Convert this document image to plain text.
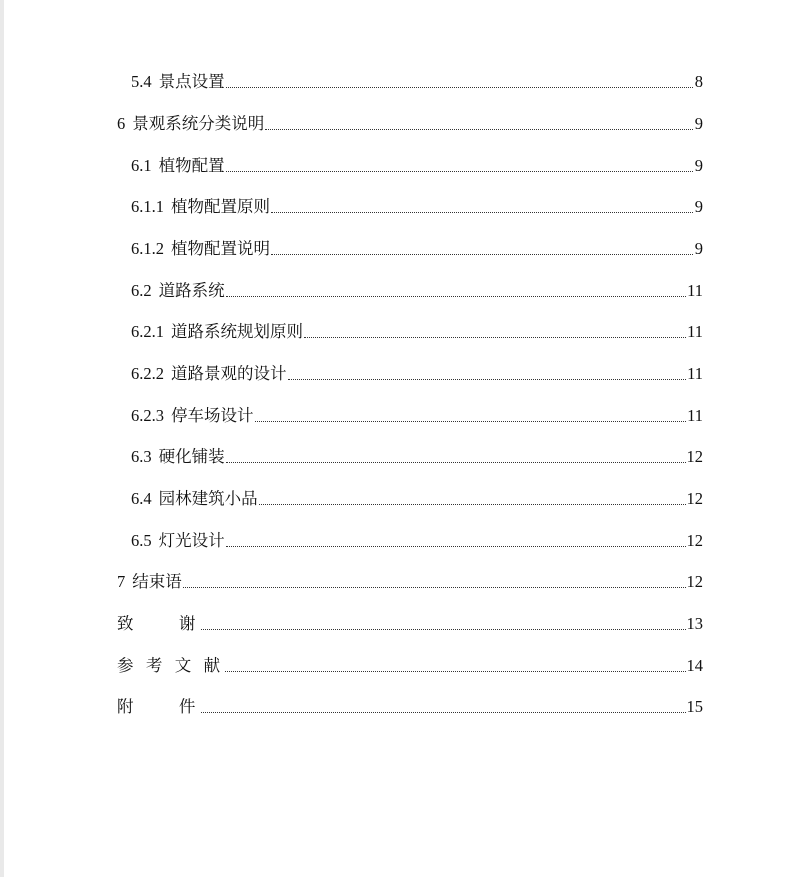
5.4 景点设置	8
6 景观系统分类说明	9
6.1 植物配置	9
6.1.1 植物配置原则	9
6.1.2 植物配置说明	9
6.2 道路系统	11
6.2.1 道路系统规划原则	11
6.2.2 道路景观的设计	11
6.2.3 停车场设计	11
6.3 硬化铺装	12
6.4 园林建筑小品	12
6.5 灯光设计	12
7 结束语	12
致　　谢	13
参 考 文 献	14
附　　件	15
